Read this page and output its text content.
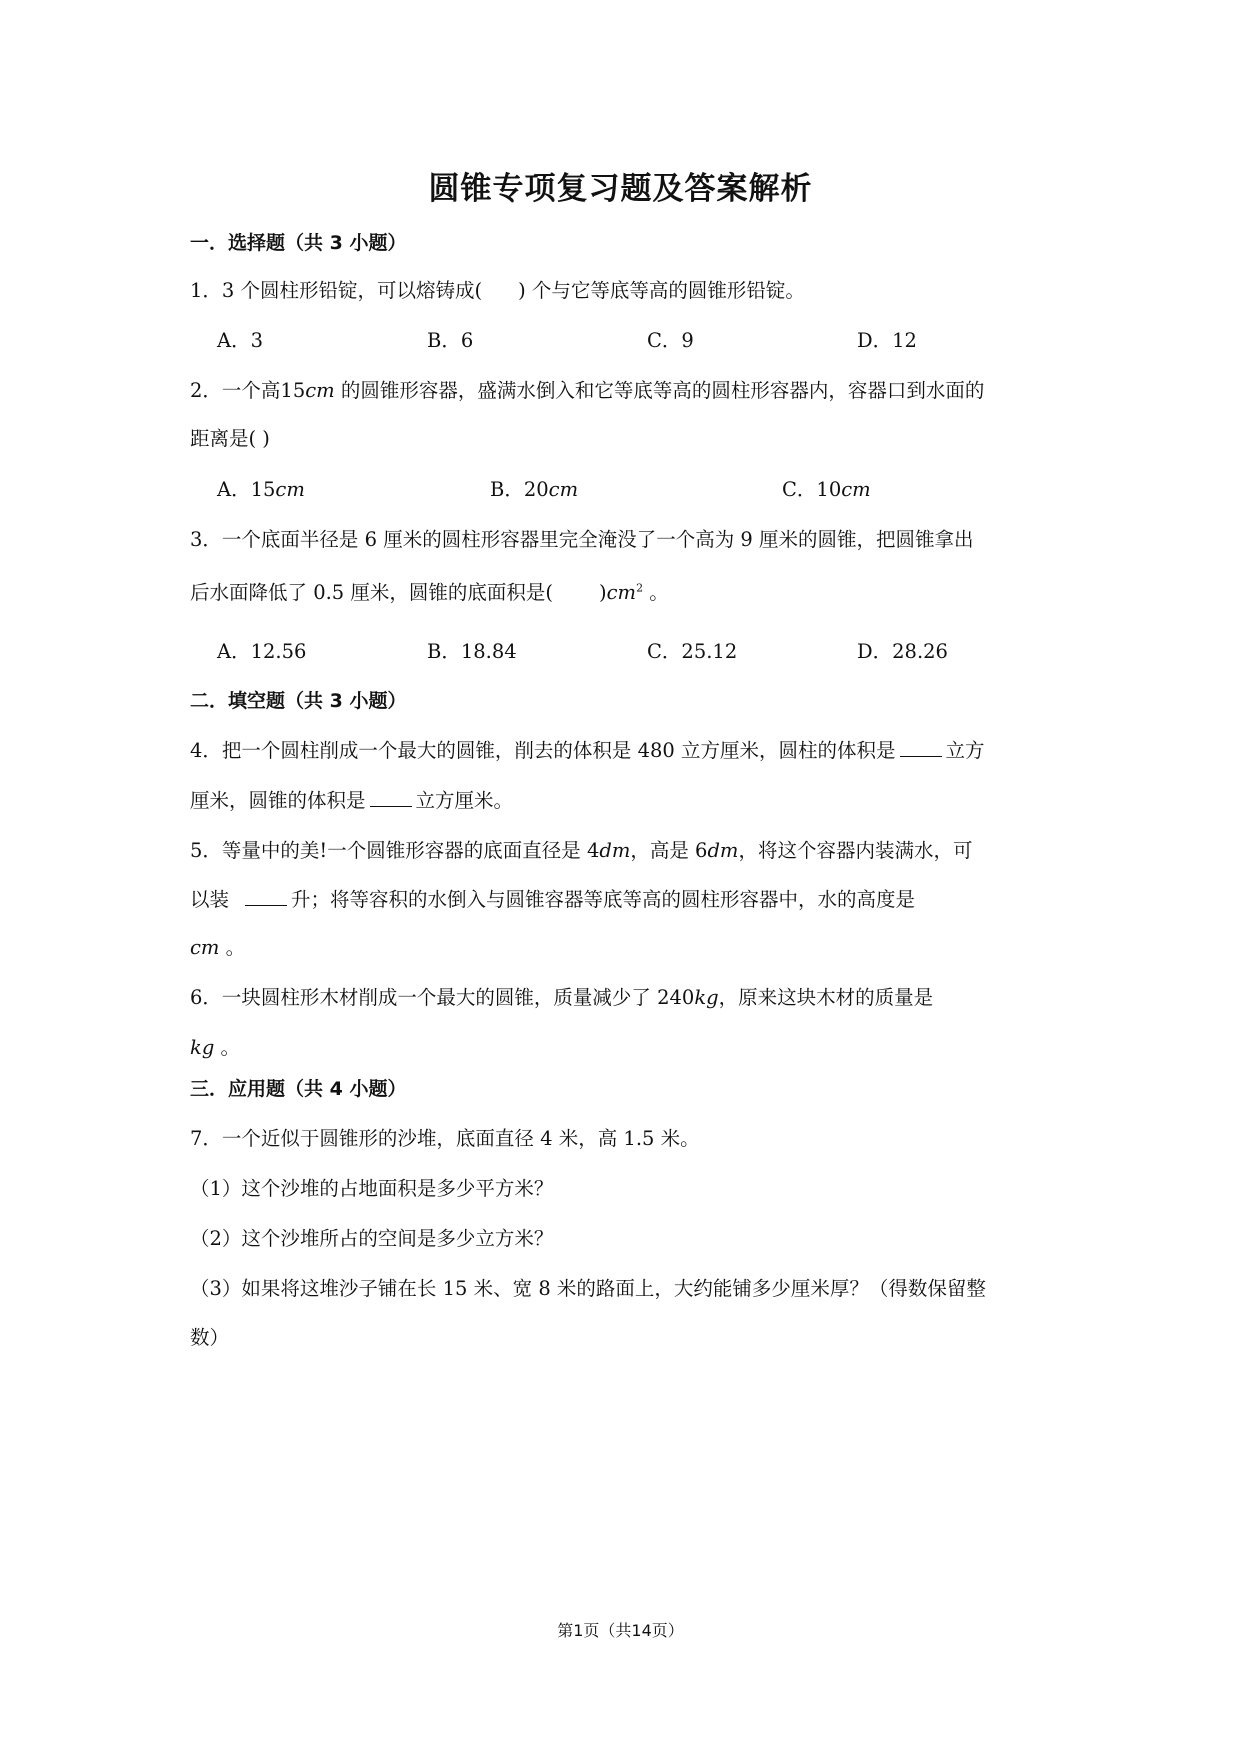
圆锥专项复习题及答案解析
一．选择题（共 3 小题）
1．3 个圆柱形铅锭，可以熔铸成( ) 个与它等底等高的圆锥形铅锭。
A．3	B．6	C．9	D．12
2．一个高15cm 的圆锥形容器，盛满水倒入和它等底等高的圆柱形容器内，容器口到水面的
距离是( )
A．15cm	B．20cm	C．10cm
3．一个底面半径是 6 厘米的圆柱形容器里完全淹没了一个高为 9 厘米的圆锥，把圆锥拿出
后水面降低了 0.5 厘米，圆锥的底面积是( )$cm^2$ 。
A．12.56	B．18.84	C．25.12	D．28.26
二．填空题（共 3 小题）
4．把一个圆柱削成一个最大的圆锥，削去的体积是 480 立方厘米，圆柱的体积是	立方
厘米，圆锥的体积是	立方厘米。
5．等量中的美!一个圆锥形容器的底面直径是 4dm，高是 6dm，将这个容器内装满水，可
以装	升；将等容积的水倒入与圆锥容器等底等高的圆柱形容器中，水的高度是
cm 。
6．一块圆柱形木材削成一个最大的圆锥，质量减少了 240kg，原来这块木材的质量是
kg 。
三．应用题（共 4 小题）
7．一个近似于圆锥形的沙堆，底面直径 4 米，高 1.5 米。
（1）这个沙堆的占地面积是多少平方米？
（2）这个沙堆所占的空间是多少立方米？
（3）如果将这堆沙子铺在长 15 米、宽 8 米的路面上，大约能铺多少厘米厚？（得数保留整
数）
第1页（共14页）
